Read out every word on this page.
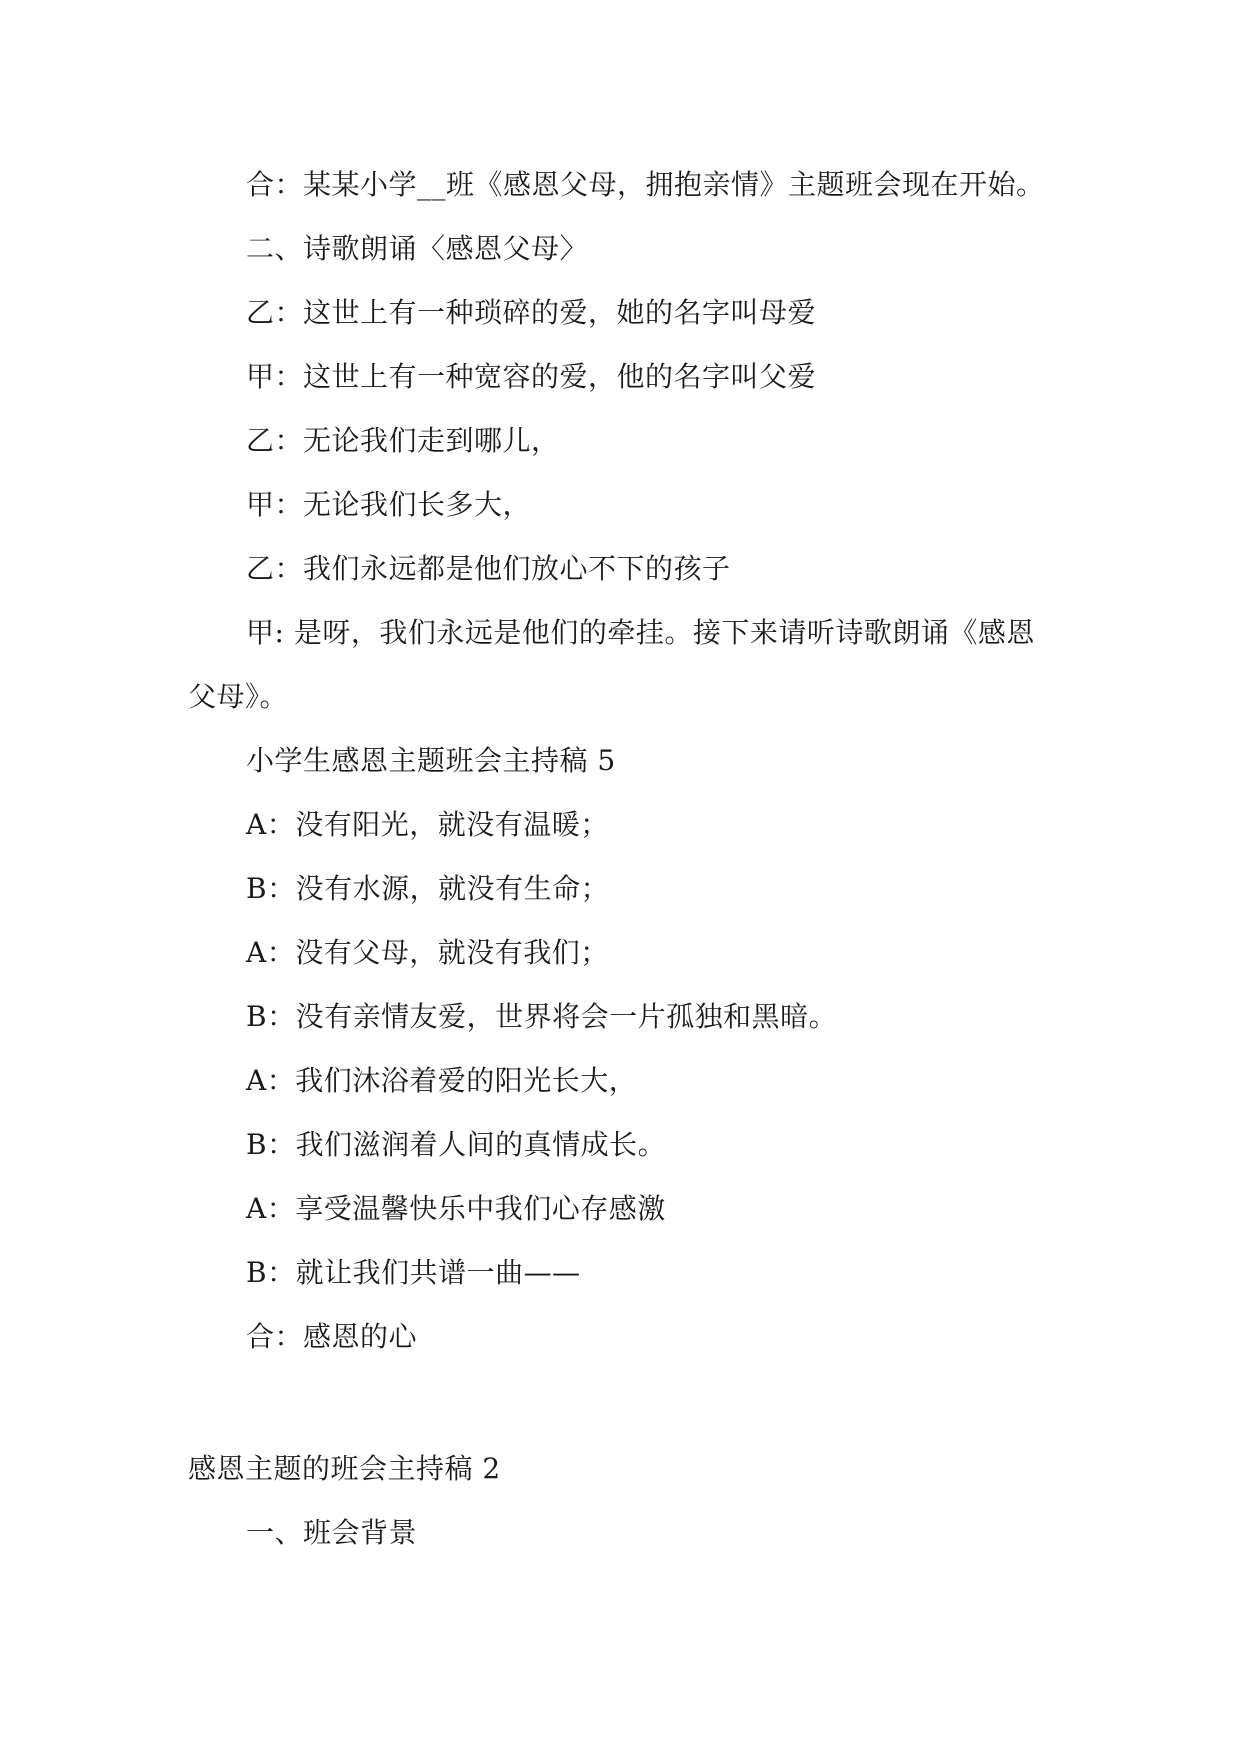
合：某某小学__班《感恩父母，拥抱亲情》主题班会现在开始。
二、诗歌朗诵〈感恩父母〉
乙：这世上有一种琐碎的爱，她的名字叫母爱
甲：这世上有一种宽容的爱，他的名字叫父爱
乙：无论我们走到哪儿，
甲：无论我们长多大，
乙：我们永远都是他们放心不下的孩子
甲: 是呀，我们永远是他们的牵挂。接下来请听诗歌朗诵《感恩
父母》。
小学生感恩主题班会主持稿 5
A：没有阳光，就没有温暖；
B：没有水源，就没有生命；
A：没有父母，就没有我们；
B：没有亲情友爱，世界将会一片孤独和黑暗。
A：我们沐浴着爱的阳光长大，
B：我们滋润着人间的真情成长。
A：享受温馨快乐中我们心存感激
B：就让我们共谱一曲——
合：感恩的心
感恩主题的班会主持稿 2
一、班会背景
